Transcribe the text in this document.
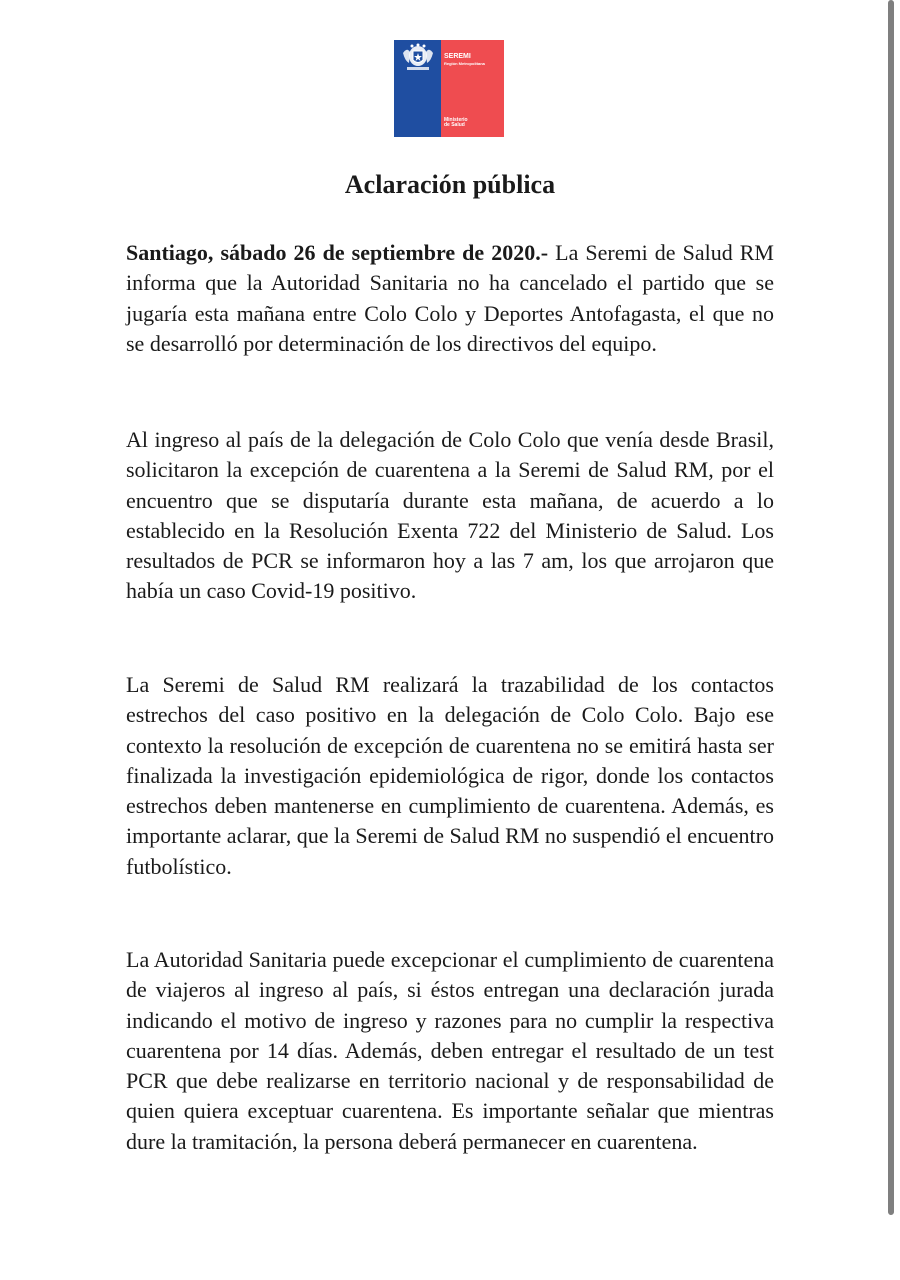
SEREMI
Región Metropolitana
Ministerio
de Salud
Aclaración pública

Santiago, sábado 26 de septiembre de 2020.- La Seremi de Salud RM informa que la Autoridad Sanitaria no ha cancelado el partido que se jugaría esta mañana entre Colo Colo y Deportes Antofagasta, el que no se desarrolló por determinación de los directivos del equipo.

Al ingreso al país de la delegación de Colo Colo que venía desde Brasil, solicitaron la excepción de cuarentena a la Seremi de Salud RM, por el encuentro que se disputaría durante esta mañana, de acuerdo a lo establecido en la Resolución Exenta 722 del Ministerio de Salud. Los resultados de PCR se informaron hoy a las 7 am, los que arrojaron que había un caso Covid-19 positivo.

La Seremi de Salud RM realizará la trazabilidad de los contactos estrechos del caso positivo en la delegación de Colo Colo. Bajo ese contexto la resolución de excepción de cuarentena no se emitirá hasta ser finalizada la investigación epidemiológica de rigor, donde los contactos estrechos deben mantenerse en cumplimiento de cuarentena. Además, es importante aclarar, que la Seremi de Salud RM no suspendió el encuentro futbolístico.

La Autoridad Sanitaria puede excepcionar el cumplimiento de cuarentena de viajeros al ingreso al país, si éstos entregan una declaración jurada indicando el motivo de ingreso y razones para no cumplir la respectiva cuarentena por 14 días. Además, deben entregar el resultado de un test PCR que debe realizarse en territorio nacional y de responsabilidad de quien quiera exceptuar cuarentena. Es importante señalar que mientras dure la tramitación, la persona deberá permanecer en cuarentena.
